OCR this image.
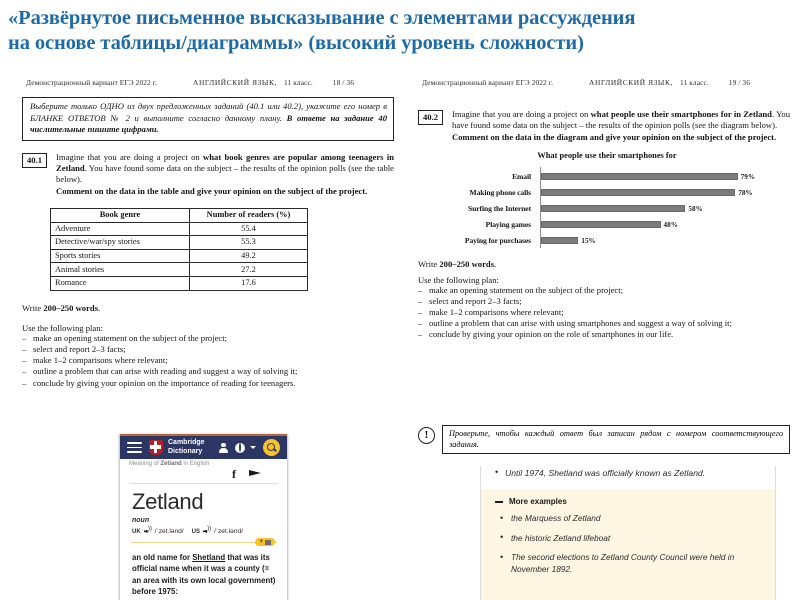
«Развёрнутое письменное высказывание с элементами рассуждения
на основе таблицы/диаграммы» (высокий уровень сложности)
Демонстрационный вариант ЕГЭ 2022 г.	АНГЛИЙСКИЙ ЯЗЫК, 11 класс.	18 / 36
Выберите только ОДНО из двух предложенных заданий (40.1 или 40.2), укажите его номер в БЛАНКЕ ОТВЕТОВ № 2 и выполните согласно данному плану. В ответе на задание 40 числительные пишите цифрами.
40.1	Imagine that you are doing a project on what book genres are popular among teenagers in Zetland. You have found some data on the subject – the results of the opinion polls (see the table below).
Comment on the data in the table and give your opinion on the subject of the project.
Book genre	Number of readers (%)
Adventure	55.4
Detective/war/spy stories	55.3
Sports stories	49.2
Animal stories	27.2
Romance	17.6
Write 200–250 words.
Use the following plan:
– make an opening statement on the subject of the project;
– select and report 2–3 facts;
– make 1–2 comparisons where relevant;
– outline a problem that can arise with reading and suggest a way of solving it;
– conclude by giving your opinion on the importance of reading for teenagers.
Демонстрационный вариант ЕГЭ 2022 г.	АНГЛИЙСКИЙ ЯЗЫК, 11 класс.	19 / 36
40.2	Imagine that you are doing a project on what people use their smartphones for in Zetland. You have found some data on the subject – the results of the opinion polls (see the diagram below).
Comment on the data in the diagram and give your opinion on the subject of the project.
What people use their smartphones for
Email	79%
Making phone calls	78%
Surfing the Internet	58%
Playing games	48%
Paying for purchases	15%
Write 200–250 words.
Use the following plan:
– make an opening statement on the subject of the project;
– select and report 2–3 facts;
– make 1–2 comparisons where relevant;
– outline a problem that can arise with using smartphones and suggest a way of solving it;
– conclude by giving your opinion on the role of smartphones in our life.
!	Проверьте, чтобы каждый ответ был записан рядом с номером соответствующего задания.
Cambridge
Dictionary
Meaning of Zetland in English
f
Zetland
noun
UK )) /ˈzet.lənd/ US )) /ˈzet.lənd/
+
an old name for Shetland that was its official name when it was a county (= an area with its own local government) before 1975:
• Until 1974, Shetland was officially known as Zetland.
More examples
• the Marquess of Zetland
• the historic Zetland lifeboat
• The second elections to Zetland County Council were held in November 1892.
